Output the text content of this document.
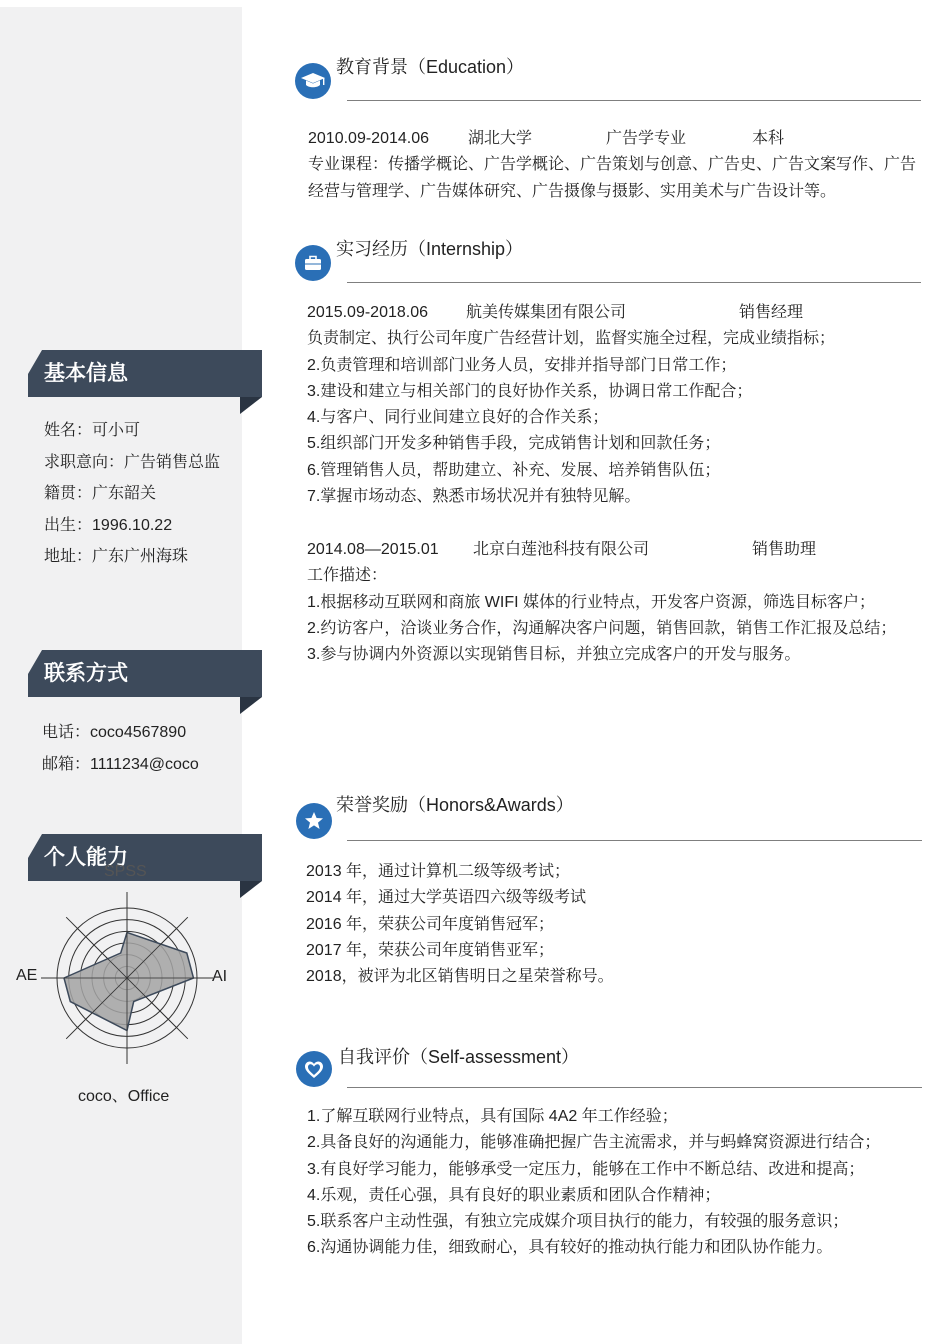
基本信息
姓名：可小可
求职意向：广告销售总监
籍贯：广东韶关
出生：1996.10.22
地址：广东广州海珠
联系方式
电话：coco4567890
邮箱：1111234@coco
个人能力
SPSS
AI
coco、Office
AE
教育背景（Education）
2010.09-2014.06 湖北大学	广告学专业	本科
专业课程：传播学概论、广告学概论、广告策划与创意、广告史、广告文案写作、广告
经营与管理学、广告媒体研究、广告摄像与摄影、实用美术与广告设计等。
实习经历（Internship）
2015.09-2018.06 航美传媒集团有限公司	销售经理
负责制定、执行公司年度广告经营计划，监督实施全过程，完成业绩指标；
2.负责管理和培训部门业务人员，安排并指导部门日常工作；
3.建设和建立与相关部门的良好协作关系，协调日常工作配合；
4.与客户、同行业间建立良好的合作关系；
5.组织部门开发多种销售手段，完成销售计划和回款任务；
6.管理销售人员，帮助建立、补充、发展、培养销售队伍；
7.掌握市场动态、熟悉市场状况并有独特见解。
2014.08—2015.01 北京白莲池科技有限公司	销售助理
工作描述：
1.根据移动互联网和商旅 WIFI 媒体的行业特点，开发客户资源，筛选目标客户；
2.约访客户，洽谈业务合作，沟通解决客户问题，销售回款，销售工作汇报及总结；
3.参与协调内外资源以实现销售目标，并独立完成客户的开发与服务。
荣誉奖励（Honors&Awards）
2013 年，通过计算机二级等级考试；
2014 年，通过大学英语四六级等级考试
2016 年，荣获公司年度销售冠军；
2017 年，荣获公司年度销售亚军；
2018，被评为北区销售明日之星荣誉称号。
自我评价（Self-assessment）
1.了解互联网行业特点，具有国际 4A2 年工作经验；
2.具备良好的沟通能力，能够准确把握广告主流需求，并与蚂蜂窝资源进行结合；
3.有良好学习能力，能够承受一定压力，能够在工作中不断总结、改进和提高；
4.乐观，责任心强，具有良好的职业素质和团队合作精神；
5.联系客户主动性强，有独立完成媒介项目执行的能力，有较强的服务意识；
6.沟通协调能力佳，细致耐心，具有较好的推动执行能力和团队协作能力。
